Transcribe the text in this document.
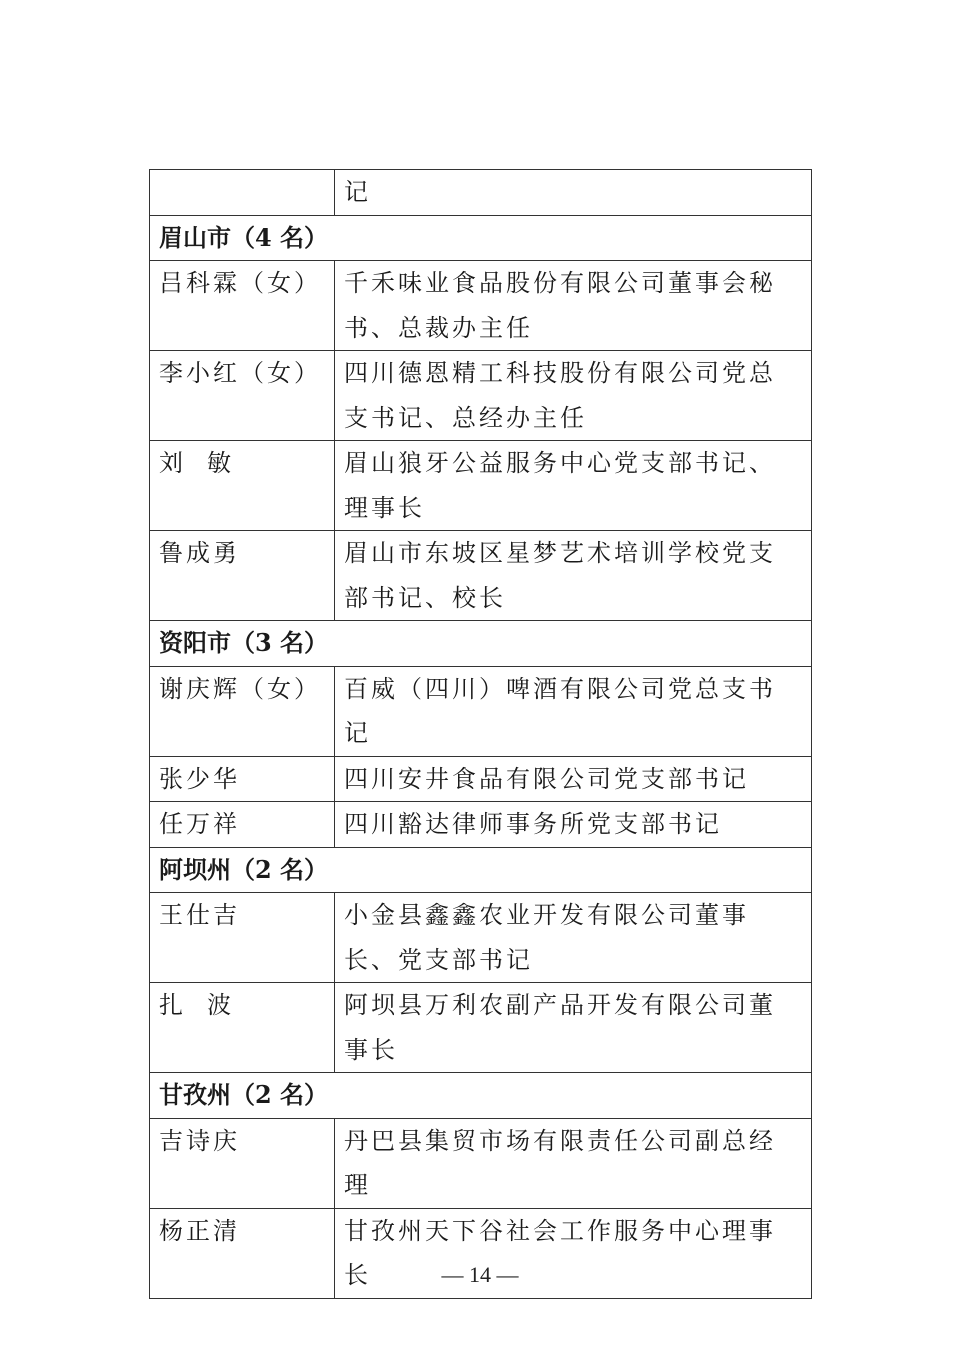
	记
眉山市（4 名）	
吕科霖（女）	千禾味业食品股份有限公司董事会秘书、总裁办主任
李小红（女）	四川德恩精工科技股份有限公司党总支书记、总经办主任
刘　敏	眉山狼牙公益服务中心党支部书记、理事长
鲁成勇	眉山市东坡区星梦艺术培训学校党支部书记、校长
资阳市（3 名）	
谢庆辉（女）	百威（四川）啤酒有限公司党总支书记
张少华	四川安井食品有限公司党支部书记
任万祥	四川豁达律师事务所党支部书记
阿坝州（2 名）	
王仕吉	小金县鑫鑫农业开发有限公司董事长、党支部书记
扎　波	阿坝县万利农副产品开发有限公司董事长
甘孜州（2 名）	
吉诗庆	丹巴县集贸市场有限责任公司副总经理
杨正清	甘孜州天下谷社会工作服务中心理事长	— 14 —
